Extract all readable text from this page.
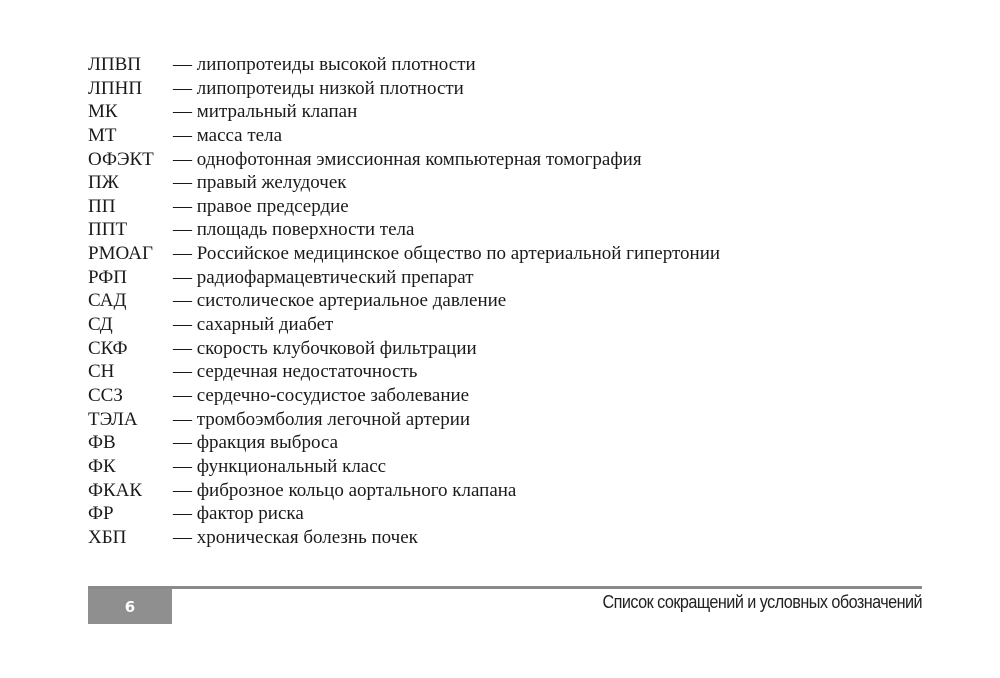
ЛПВП	— липопротеиды высокой плотности
ЛПНП	— липопротеиды низкой плотности
МК	— митральный клапан
МТ	— масса тела
ОФЭКТ	— однофотонная эмиссионная компьютерная томография
ПЖ	— правый желудочек
ПП	— правое предсердие
ППТ	— площадь поверхности тела
РМОАГ	— Российское медицинское общество по артериальной гипертонии
РФП	— радиофармацевтический препарат
САД	— систолическое артериальное давление
СД	— сахарный диабет
СКФ	— скорость клубочковой фильтрации
СН	— сердечная недостаточность
ССЗ	— сердечно-сосудистое заболевание
ТЭЛА	— тромбоэмболия легочной артерии
ФВ	— фракция выброса
ФК	— функциональный класс
ФКАК	— фиброзное кольцо аортального клапана
ФР	— фактор риска
ХБП	— хроническая болезнь почек
6	Список сокращений и условных обозначений
